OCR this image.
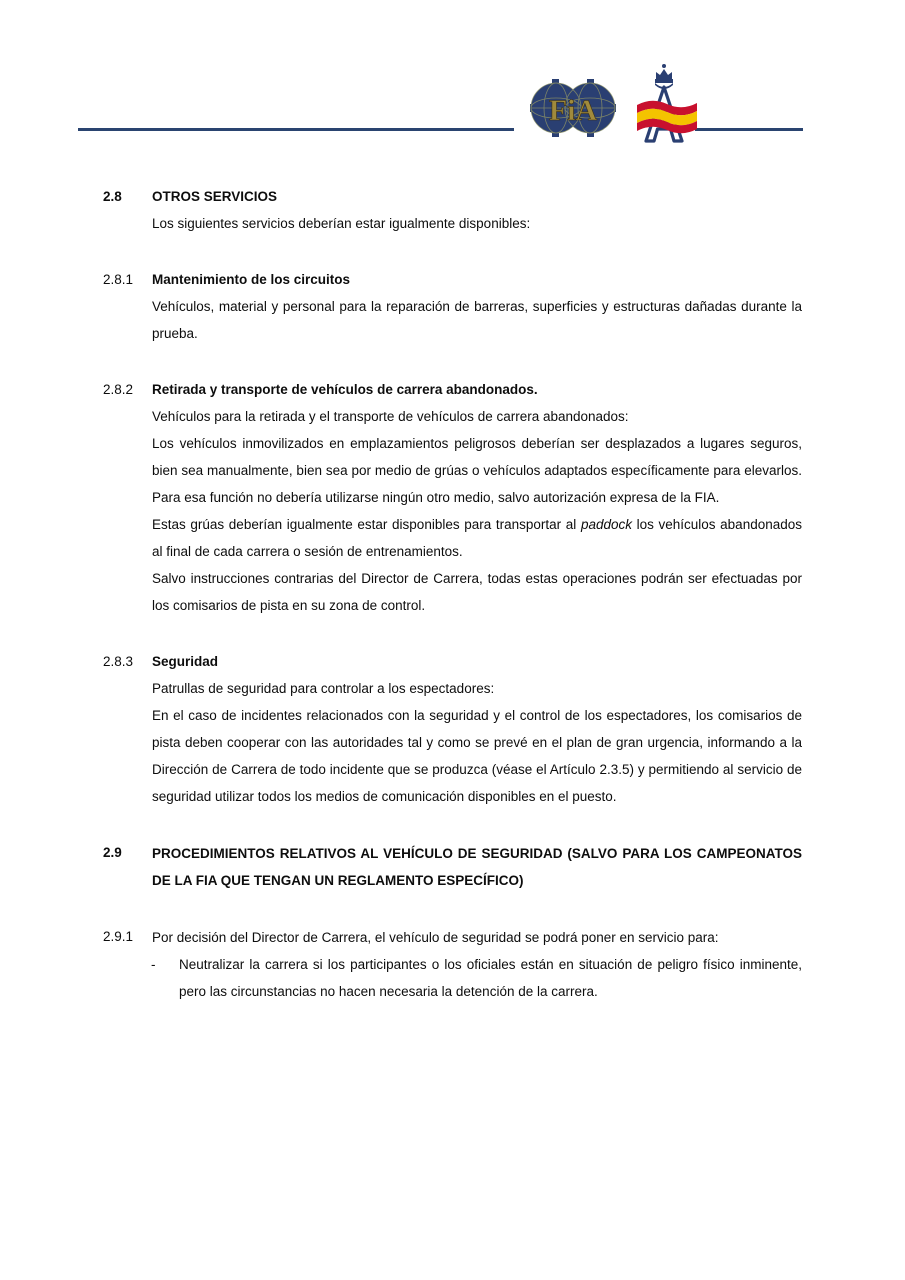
FiA
2.8	OTROS SERVICIOS

Los siguientes servicios deberían estar igualmente disponibles:

2.8.1	Mantenimiento de los circuitos

Vehículos, material y personal para la reparación de barreras, superficies y estructuras dañadas durante la prueba.

2.8.2	Retirada y transporte de vehículos de carrera abandonados.

Vehículos para la retirada y el transporte de vehículos de carrera abandonados:

Los vehículos inmovilizados en emplazamientos peligrosos deberían ser desplazados a lugares seguros, bien sea manualmente, bien sea por medio de grúas o vehículos adaptados específicamente para elevarlos. Para esa función no debería utilizarse ningún otro medio, salvo autorización expresa de la FIA.

Estas grúas deberían igualmente estar disponibles para transportar al paddock los vehículos abandonados al final de cada carrera o sesión de entrenamientos.

Salvo instrucciones contrarias del Director de Carrera, todas estas operaciones podrán ser efectuadas por los comisarios de pista en su zona de control.

2.8.3	Seguridad

Patrullas de seguridad para controlar a los espectadores:

En el caso de incidentes relacionados con la seguridad y el control de los espectadores, los comisarios de pista deben cooperar con las autoridades tal y como se prevé en el plan de gran urgencia, informando a la Dirección de Carrera de todo incidente que se produzca (véase el Artículo 2.3.5) y permitiendo al servicio de seguridad utilizar todos los medios de comunicación disponibles en el puesto.

2.9	PROCEDIMIENTOS RELATIVOS AL VEHÍCULO DE SEGURIDAD (SALVO PARA LOS CAMPEONATOS DE LA FIA QUE TENGAN UN REGLAMENTO ESPECÍFICO)
2.9.1	Por decisión del Director de Carrera, el vehículo de seguridad se podrá poner en servicio para:
- Neutralizar la carrera si los participantes o los oficiales están en situación de peligro físico inminente, pero las circunstancias no hacen necesaria la detención de la carrera.
